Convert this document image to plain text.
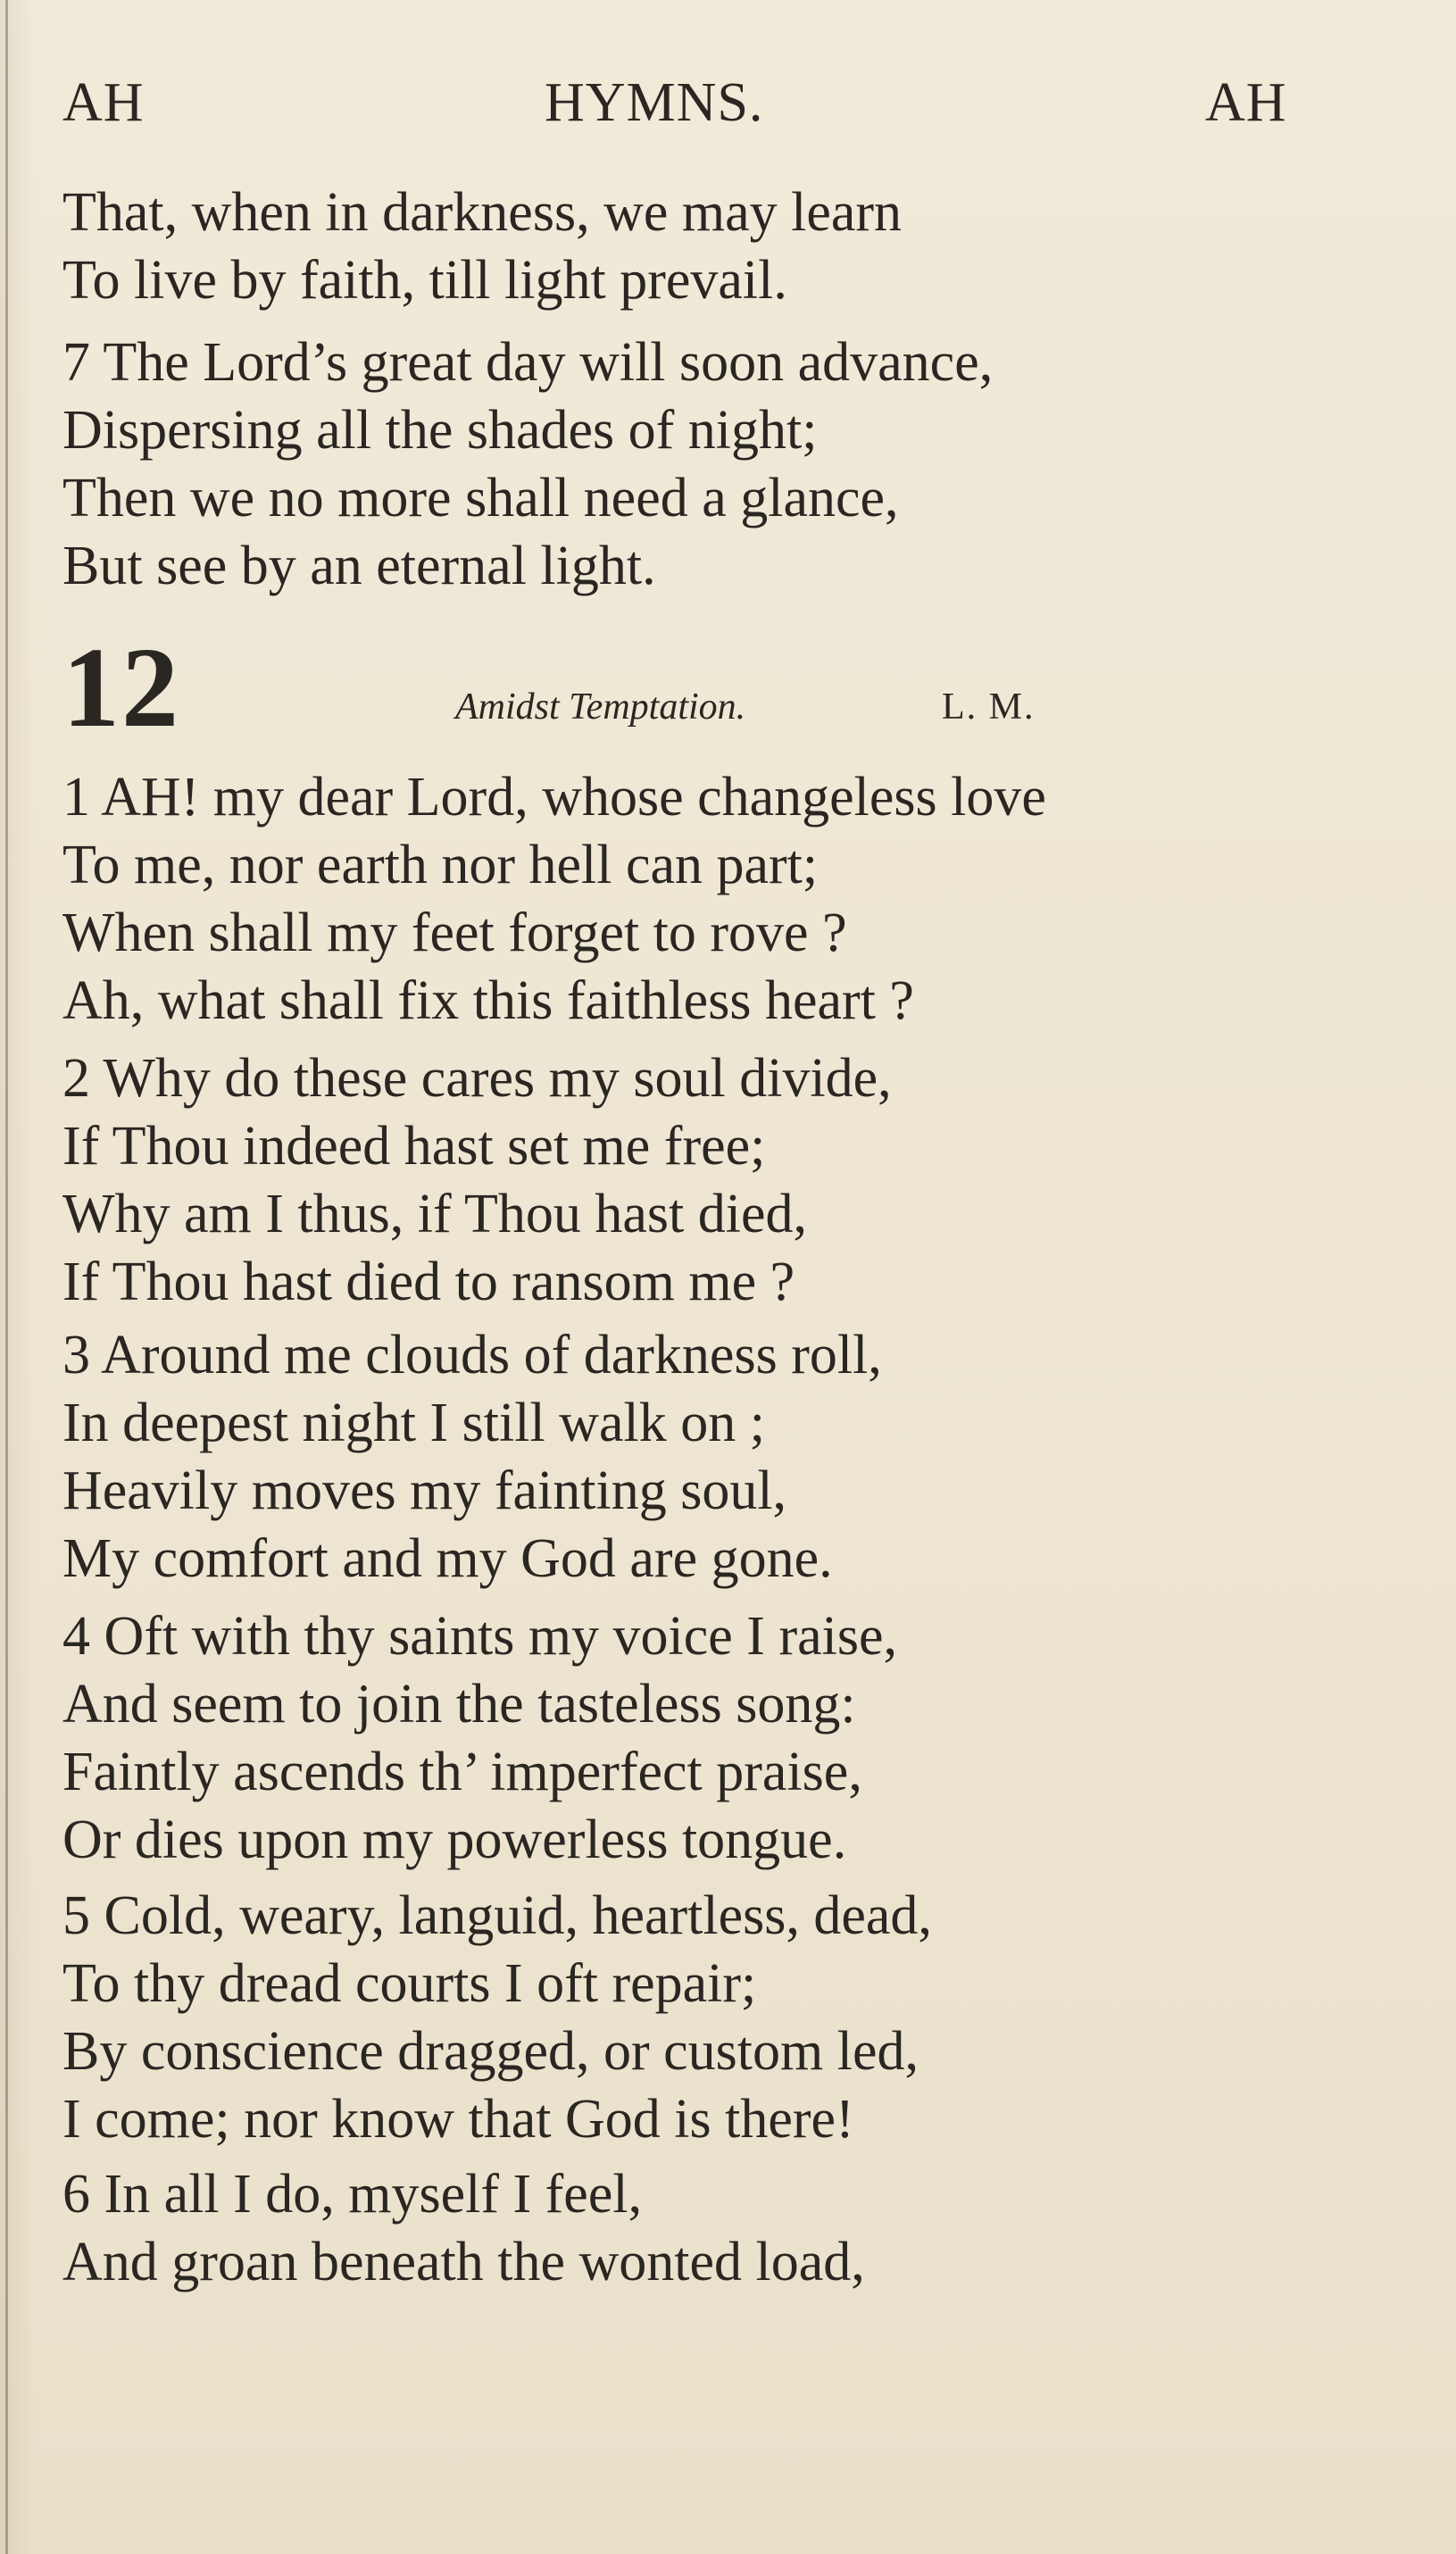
AH	HYMNS.	AH
That, when in darkness, we may learn
To live by faith, till light prevail.
7 The Lord’s great day will soon advance,
Dispersing all the shades of night;
Then we no more shall need a glance,
But see by an eternal light.
12	Amidst Temptation.	L. M.
1 AH! my dear Lord, whose changeless love
To me, nor earth nor hell can part;
When shall my feet forget to rove ?
Ah, what shall fix this faithless heart ?
2 Why do these cares my soul divide,
If Thou indeed hast set me free;
Why am I thus, if Thou hast died,
If Thou hast died to ransom me ?
3 Around me clouds of darkness roll,
In deepest night I still walk on ;
Heavily moves my fainting soul,
My comfort and my God are gone.
4 Oft with thy saints my voice I raise,
And seem to join the tasteless song:
Faintly ascends th’ imperfect praise,
Or dies upon my powerless tongue.
5 Cold, weary, languid, heartless, dead,
To thy dread courts I oft repair;
By conscience dragged, or custom led,
I come; nor know that God is there!
6 In all I do, myself I feel,
And groan beneath the wonted load,
